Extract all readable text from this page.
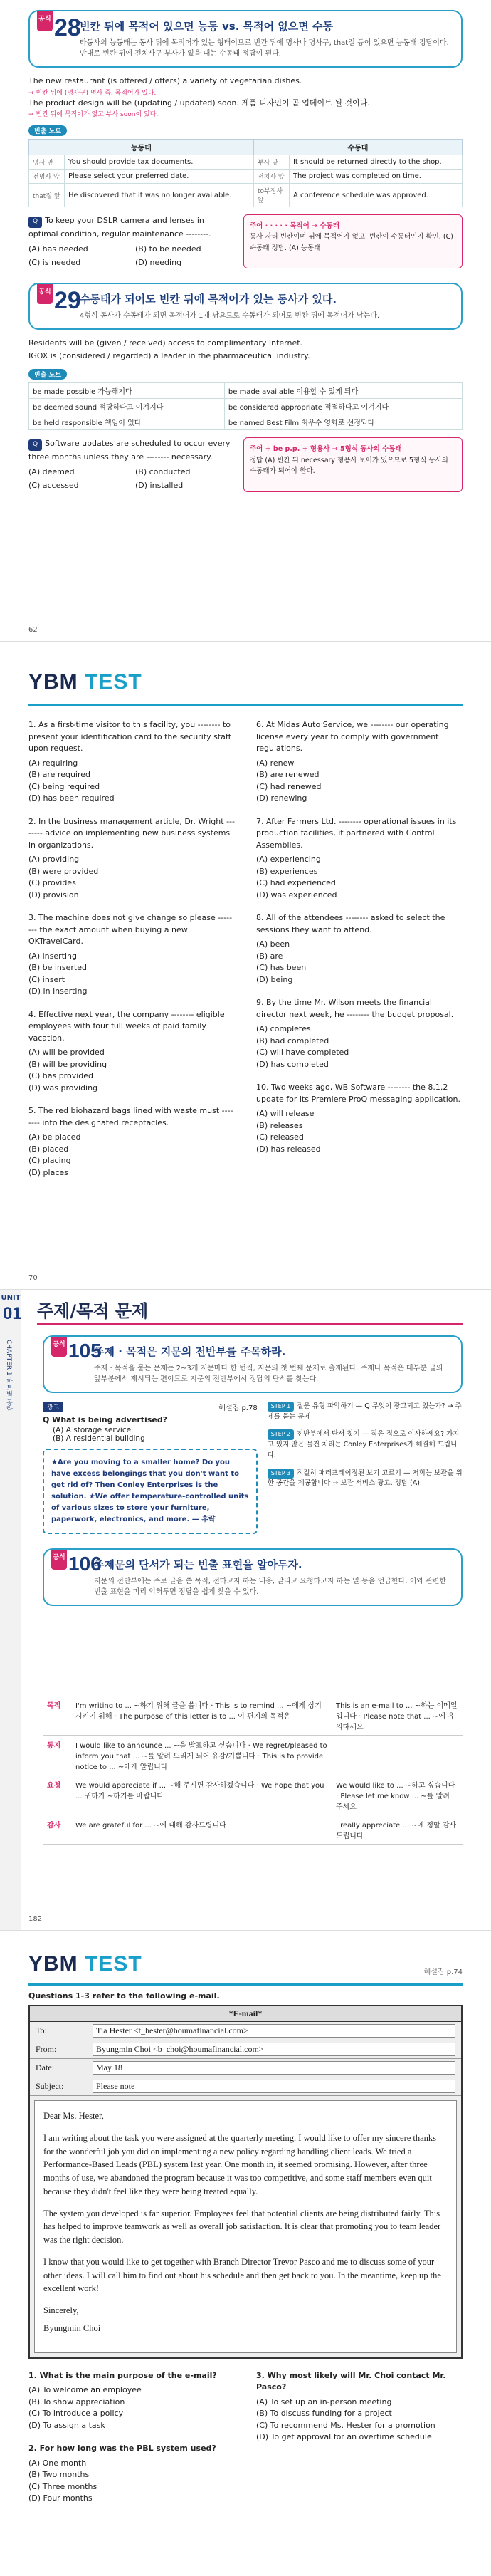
공식 28
빈칸 뒤에 목적어 있으면 능동 vs. 목적어 없으면 수동
타동사의 능동태는 동사 뒤에 목적어가 있는 형태이므로 빈칸 뒤에 명사나 명사구, that절 등이 있으면 능동태 정답이다. 반대로 빈칸 뒤에 전치사구 부사가 있을 때는 수동태 정답이 된다.
The new restaurant (is offered / offers) a variety of vegetarian dishes.
→ 빈칸 뒤에 (명사구) 명사 즉, 목적어가 있다.
The product design will be (updating / updated) soon. 제품 디자인이 곧 업데이트 될 것이다.
→ 빈칸 뒤에 목적어가 없고 부사 soon이 있다.
빈출 노트
능동태		수동태	
명사 앞	You should provide tax documents.	부사 앞	It should be returned directly to the shop.
전명사 앞	Please select your preferred date.	전치사 앞	The project was completed on time.
that절 앞	He discovered that it was no longer available.	to부정사 앞	A conference schedule was approved.
Q To keep your DSLR camera and lenses in optimal condition, regular maintenance --------.
(A) has needed	(B) to be needed
(C) is needed	(D) needing
주어 · · · · · 목적어 → 수동태
동사 자리 빈칸이며 뒤에 목적어가 없고, 빈칸이 수동태인지 확인. (C) 수동태 정답. (A) 능동태
공식 29
수동태가 되어도 빈칸 뒤에 목적어가 있는 동사가 있다.
4형식 동사가 수동태가 되면 목적어가 1개 남으므로 수동태가 되어도 빈칸 뒤에 목적어가 남는다.
Residents will be (given / received) access to complimentary Internet.
IGOX is (considered / regarded) a leader in the pharmaceutical industry.
빈출 노트
be made possible 가능해지다	be made available 이용할 수 있게 되다
be deemed sound 적당하다고 여겨지다	be considered appropriate 적절하다고 여겨지다
be held responsible 책임이 있다	be named Best Film 최우수 영화로 선정되다
Q Software updates are scheduled to occur every three months unless they are -------- necessary.
(A) deemed	(B) conducted
(C) accessed	(D) installed
주어 + be p.p. + 형용사 → 5형식 동사의 수동태
정답 (A) 빈칸 뒤 necessary 형용사 보어가 있으므로 5형식 동사의 수동태가 되어야 한다.
62
YBM TEST

1. As a first-time visitor to this facility, you -------- to present your identification card to the security staff upon request.

(A) requiring
(B) are required
(C) being required
(D) has been required

2. In the business management article, Dr. Wright -------- advice on implementing new business systems in organizations.

(A) providing
(B) were provided
(C) provides
(D) provision

3. The machine does not give change so please -------- the exact amount when buying a new OKTravelCard.

(A) inserting
(B) be inserted
(C) insert
(D) in inserting

4. Effective next year, the company -------- eligible employees with four full weeks of paid family vacation.

(A) will be provided
(B) will be providing
(C) has provided
(D) was providing

5. The red biohazard bags lined with waste must -------- into the designated receptacles.

(A) be placed
(B) placed
(C) placing
(D) places

6. At Midas Auto Service, we -------- our operating license every year to comply with government regulations.

(A) renew
(B) are renewed
(C) had renewed
(D) renewing

7. After Farmers Ltd. -------- operational issues in its production facilities, it partnered with Control Assemblies.

(A) experiencing
(B) experiences
(C) had experienced
(D) was experienced

8. All of the attendees -------- asked to select the sessions they want to attend.

(A) been
(B) are
(C) has been
(D) being

9. By the time Mr. Wilson meets the financial director next week, he -------- the budget proposal.

(A) completes
(B) had completed
(C) will have completed
(D) has completed

10. Two weeks ago, WB Software -------- the 8.1.2 update for its Premiere ProQ messaging application.

(A) will release
(B) releases
(C) released
(D) has released
70
UNIT
01
CHAPTER 1 파트별 공략
주제/목적 문제
공식 105
주제 · 목적은 지문의 전반부를 주목하라.
주제 · 목적을 묻는 문제는 2~3개 지문마다 한 번씩, 지문의 첫 번째 문제로 출제된다. 주제나 목적은 대부분 글의 앞부분에서 제시되는 편이므로 지문의 전반부에서 정답의 단서를 찾는다.
광고	해설집 p.78
Q What is being advertised?
(A) A storage service
(B) A residential building
★Are you moving to a smaller home? Do you have excess belongings that you don't want to get rid of? Then Conley Enterprises is the solution. ★We offer temperature-controlled units of various sizes to store your furniture, paperwork, electronics, and more. — 후략
STEP 1 질문 유형 파악하기 — Q 무엇이 광고되고 있는가? → 주제를 묻는 문제
STEP 2 전반부에서 단서 찾기 — 작은 집으로 이사하세요? 가지고 있지 않은 물건 처리는 Conley Enterprises가 해결해 드립니다.
STEP 3 적절히 패러프레이징된 보기 고르기 — 저희는 보관을 위한 공간을 제공합니다 → 보관 서비스 광고. 정답 (A)
공식 106
주제문의 단서가 되는 빈출 표현을 알아두자.
지문의 전반부에는 주로 글을 쓴 목적, 전하고자 하는 내용, 알리고 요청하고자 하는 일 등을 언급한다. 이와 관련한 빈출 표현을 미리 익혀두면 정답을 쉽게 찾을 수 있다.
목적	I'm writing to ... ~하기 위해 글을 씁니다 · This is to remind ... ~에게 상기시키기 위해 · The purpose of this letter is to ... 이 편지의 목적은	This is an e-mail to ... ~하는 이메일입니다 · Please note that ... ~에 유의하세요
통지	I would like to announce ... ~을 발표하고 싶습니다 · We regret/pleased to inform you that ... ~를 알려 드리게 되어 유감/기쁩니다 · This is to provide notice to ... ~에게 알립니다	
요청	We would appreciate if ... ~해 주시면 감사하겠습니다 · We hope that you ... 귀하가 ~하기를 바랍니다	We would like to ... ~하고 싶습니다 · Please let me know ... ~를 알려 주세요
감사	We are grateful for ... ~에 대해 감사드립니다	I really appreciate ... ~에 정말 감사드립니다
182
YBM TEST	해설집 p.74
Questions 1-3 refer to the following e-mail.
*E-mail*
To:	Tia Hester <t_hester@houmafinancial.com>
From:	Byungmin Choi <b_choi@houmafinancial.com>
Date:	May 18
Subject:	Please note

Dear Ms. Hester,

I am writing about the task you were assigned at the quarterly meeting. I would like to offer my sincere thanks for the wonderful job you did on implementing a new policy regarding handling client leads. We tried a Performance-Based Leads (PBL) system last year. One month in, it seemed promising. However, after three months of use, we abandoned the program because it was too competitive, and some staff members even quit because they didn't feel like they were being treated equally.

The system you developed is far superior. Employees feel that potential clients are being distributed fairly. This has helped to improve teamwork as well as overall job satisfaction. It is clear that promoting you to team leader was the right decision.

I know that you would like to get together with Branch Director Trevor Pasco and me to discuss some of your other ideas. I will call him to find out about his schedule and then get back to you. In the meantime, keep up the excellent work!

Sincerely,

Byungmin Choi

1. What is the main purpose of the e-mail?

(A) To welcome an employee
(B) To show appreciation
(C) To introduce a policy
(D) To assign a task

2. For how long was the PBL system used?

(A) One month
(B) Two months
(C) Three months
(D) Four months

3. Why most likely will Mr. Choi contact Mr. Pasco?

(A) To set up an in-person meeting
(B) To discuss funding for a project
(C) To recommend Ms. Hester for a promotion
(D) To get approval for an overtime schedule
